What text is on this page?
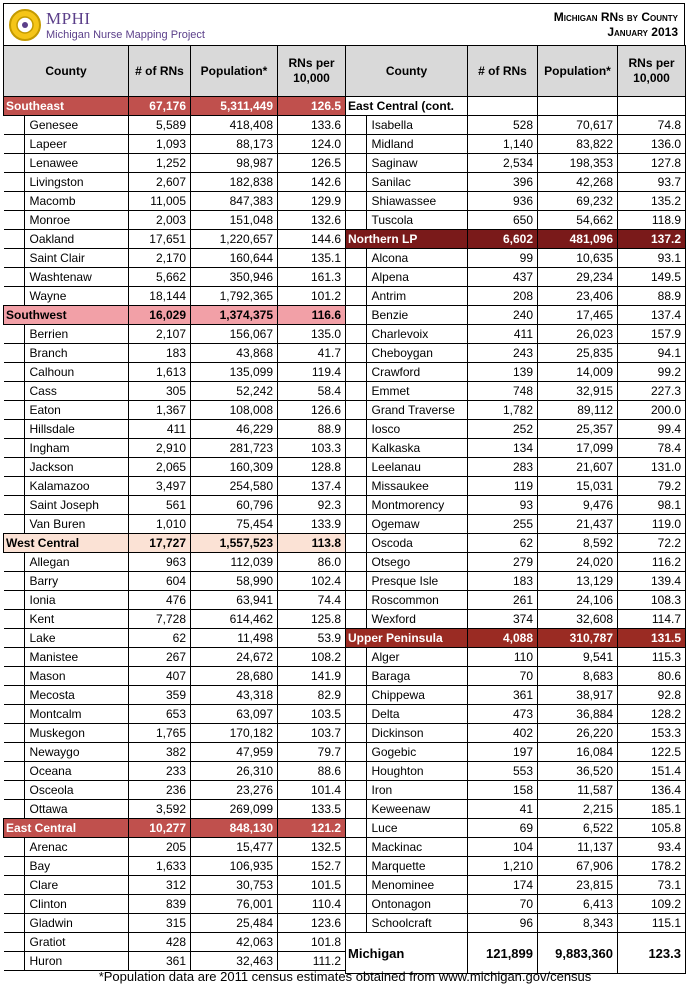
MPHI
Michigan Nurse Mapping Project
Michigan RNs by County
January 2013
County	# of RNs	Population*	RNs per 10,000
Southeast	67,176	5,311,449	126.5
Genesee	5,589	418,408	133.6
Lapeer	1,093	88,173	124.0
Lenawee	1,252	98,987	126.5
Livingston	2,607	182,838	142.6
Macomb	11,005	847,383	129.9
Monroe	2,003	151,048	132.6
Oakland	17,651	1,220,657	144.6
Saint Clair	2,170	160,644	135.1
Washtenaw	5,662	350,946	161.3
Wayne	18,144	1,792,365	101.2
Southwest	16,029	1,374,375	116.6
Berrien	2,107	156,067	135.0
Branch	183	43,868	41.7
Calhoun	1,613	135,099	119.4
Cass	305	52,242	58.4
Eaton	1,367	108,008	126.6
Hillsdale	411	46,229	88.9
Ingham	2,910	281,723	103.3
Jackson	2,065	160,309	128.8
Kalamazoo	3,497	254,580	137.4
Saint Joseph	561	60,796	92.3
Van Buren	1,010	75,454	133.9
West Central	17,727	1,557,523	113.8
Allegan	963	112,039	86.0
Barry	604	58,990	102.4
Ionia	476	63,941	74.4
Kent	7,728	614,462	125.8
Lake	62	11,498	53.9
Manistee	267	24,672	108.2
Mason	407	28,680	141.9
Mecosta	359	43,318	82.9
Montcalm	653	63,097	103.5
Muskegon	1,765	170,182	103.7
Newaygo	382	47,959	79.7
Oceana	233	26,310	88.6
Osceola	236	23,276	101.4
Ottawa	3,592	269,099	133.5
East Central	10,277	848,130	121.2
Arenac	205	15,477	132.5
Bay	1,633	106,935	152.7
Clare	312	30,753	101.5
Clinton	839	76,001	110.4
Gladwin	315	25,484	123.6
Gratiot	428	42,063	101.8
Huron	361	32,463	111.2
County	# of RNs	Population*	RNs per 10,000
East Central (cont.			
Isabella	528	70,617	74.8
Midland	1,140	83,822	136.0
Saginaw	2,534	198,353	127.8
Sanilac	396	42,268	93.7
Shiawassee	936	69,232	135.2
Tuscola	650	54,662	118.9
Northern LP	6,602	481,096	137.2
Alcona	99	10,635	93.1
Alpena	437	29,234	149.5
Antrim	208	23,406	88.9
Benzie	240	17,465	137.4
Charlevoix	411	26,023	157.9
Cheboygan	243	25,835	94.1
Crawford	139	14,009	99.2
Emmet	748	32,915	227.3
Grand Traverse	1,782	89,112	200.0
Iosco	252	25,357	99.4
Kalkaska	134	17,099	78.4
Leelanau	283	21,607	131.0
Missaukee	119	15,031	79.2
Montmorency	93	9,476	98.1
Ogemaw	255	21,437	119.0
Oscoda	62	8,592	72.2
Otsego	279	24,020	116.2
Presque Isle	183	13,129	139.4
Roscommon	261	24,106	108.3
Wexford	374	32,608	114.7
Upper Peninsula	4,088	310,787	131.5
Alger	110	9,541	115.3
Baraga	70	8,683	80.6
Chippewa	361	38,917	92.8
Delta	473	36,884	128.2
Dickinson	402	26,220	153.3
Gogebic	197	16,084	122.5
Houghton	553	36,520	151.4
Iron	158	11,587	136.4
Keweenaw	41	2,215	185.1
Luce	69	6,522	105.8
Mackinac	104	11,137	93.4
Marquette	1,210	67,906	178.2
Menominee	174	23,815	73.1
Ontonagon	70	6,413	109.2
Schoolcraft	96	8,343	115.1
Michigan	121,899	9,883,360	123.3
*Population data are 2011 census estimates obtained from www.michigan.gov/census
